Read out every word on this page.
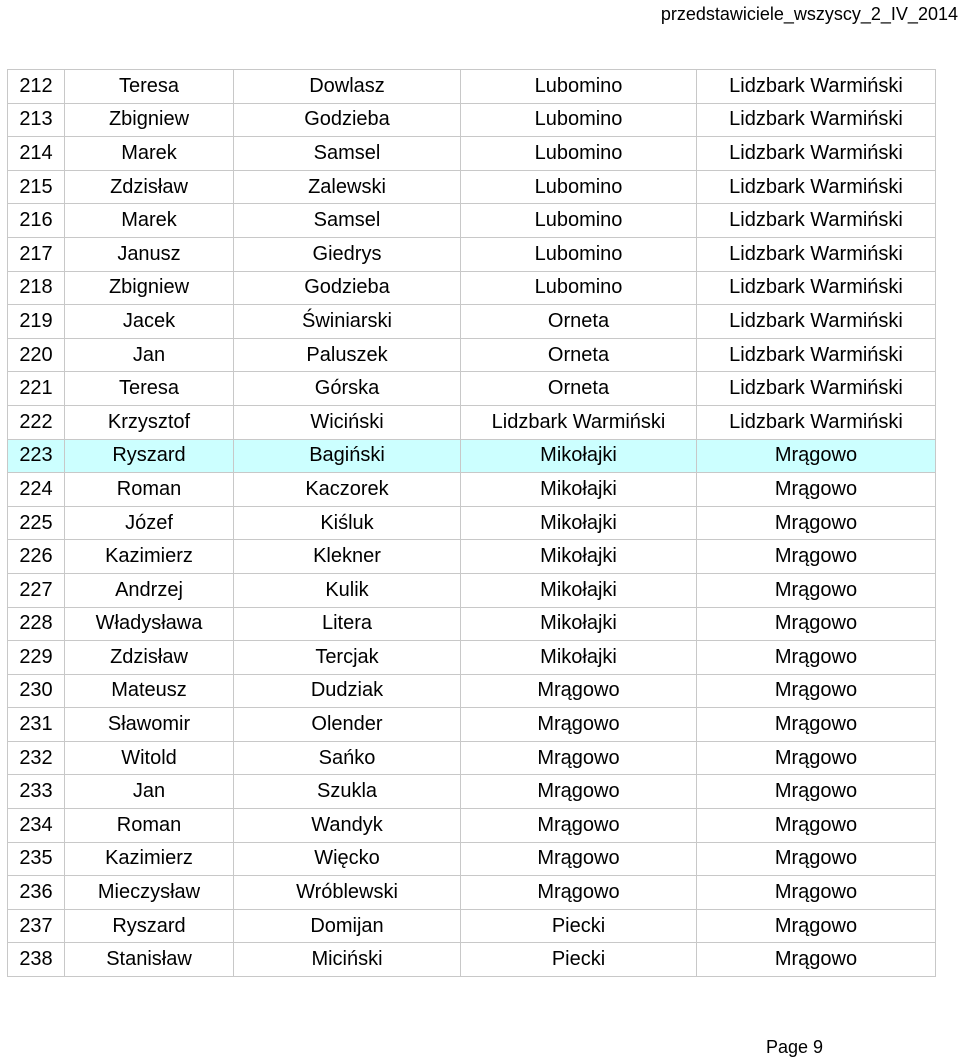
przedstawiciele_wszyscy_2_IV_2014
212	Teresa	Dowlasz	Lubomino	Lidzbark Warmiński
213	Zbigniew	Godzieba	Lubomino	Lidzbark Warmiński
214	Marek	Samsel	Lubomino	Lidzbark Warmiński
215	Zdzisław	Zalewski	Lubomino	Lidzbark Warmiński
216	Marek	Samsel	Lubomino	Lidzbark Warmiński
217	Janusz	Giedrys	Lubomino	Lidzbark Warmiński
218	Zbigniew	Godzieba	Lubomino	Lidzbark Warmiński
219	Jacek	Świniarski	Orneta	Lidzbark Warmiński
220	Jan	Paluszek	Orneta	Lidzbark Warmiński
221	Teresa	Górska	Orneta	Lidzbark Warmiński
222	Krzysztof	Wiciński	Lidzbark Warmiński	Lidzbark Warmiński
223	Ryszard	Bagiński	Mikołajki	Mrągowo
224	Roman	Kaczorek	Mikołajki	Mrągowo
225	Józef	Kiśluk	Mikołajki	Mrągowo
226	Kazimierz	Klekner	Mikołajki	Mrągowo
227	Andrzej	Kulik	Mikołajki	Mrągowo
228	Władysława	Litera	Mikołajki	Mrągowo
229	Zdzisław	Tercjak	Mikołajki	Mrągowo
230	Mateusz	Dudziak	Mrągowo	Mrągowo
231	Sławomir	Olender	Mrągowo	Mrągowo
232	Witold	Sańko	Mrągowo	Mrągowo
233	Jan	Szukla	Mrągowo	Mrągowo
234	Roman	Wandyk	Mrągowo	Mrągowo
235	Kazimierz	Więcko	Mrągowo	Mrągowo
236	Mieczysław	Wróblewski	Mrągowo	Mrągowo
237	Ryszard	Domijan	Piecki	Mrągowo
238	Stanisław	Miciński	Piecki	Mrągowo
Page 9
